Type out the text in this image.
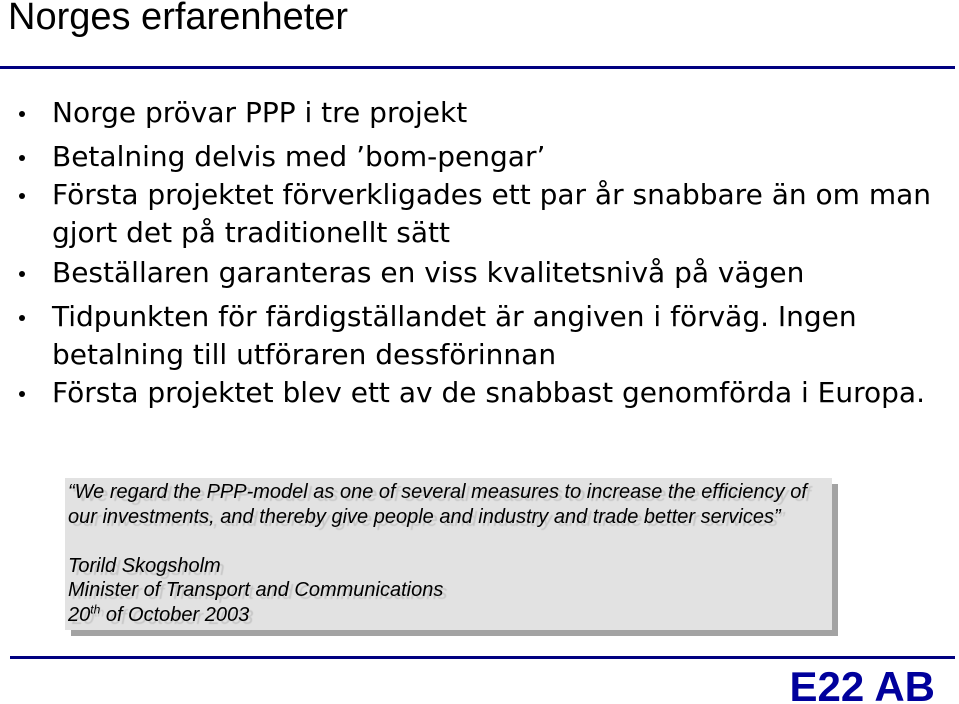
Norges erfarenheter
Norge prövar PPP i tre projekt
Betalning delvis med ’bom-pengar’
Första projektet förverkligades ett par år snabbare än om man gjort det på traditionellt sätt
Beställaren garanteras en viss kvalitetsnivå på vägen
Tidpunkten för färdigställandet är angiven i förväg. Ingen betalning till utföraren dessförinnan
Första projektet blev ett av de snabbast genomförda i Europa.

“We regard the PPP-model as one of several measures to increase the efficiency of our investments, and thereby give people and industry and trade better services”

Torild Skogsholm

Minister of Transport and Communications

20th of October 2003

E22 AB
